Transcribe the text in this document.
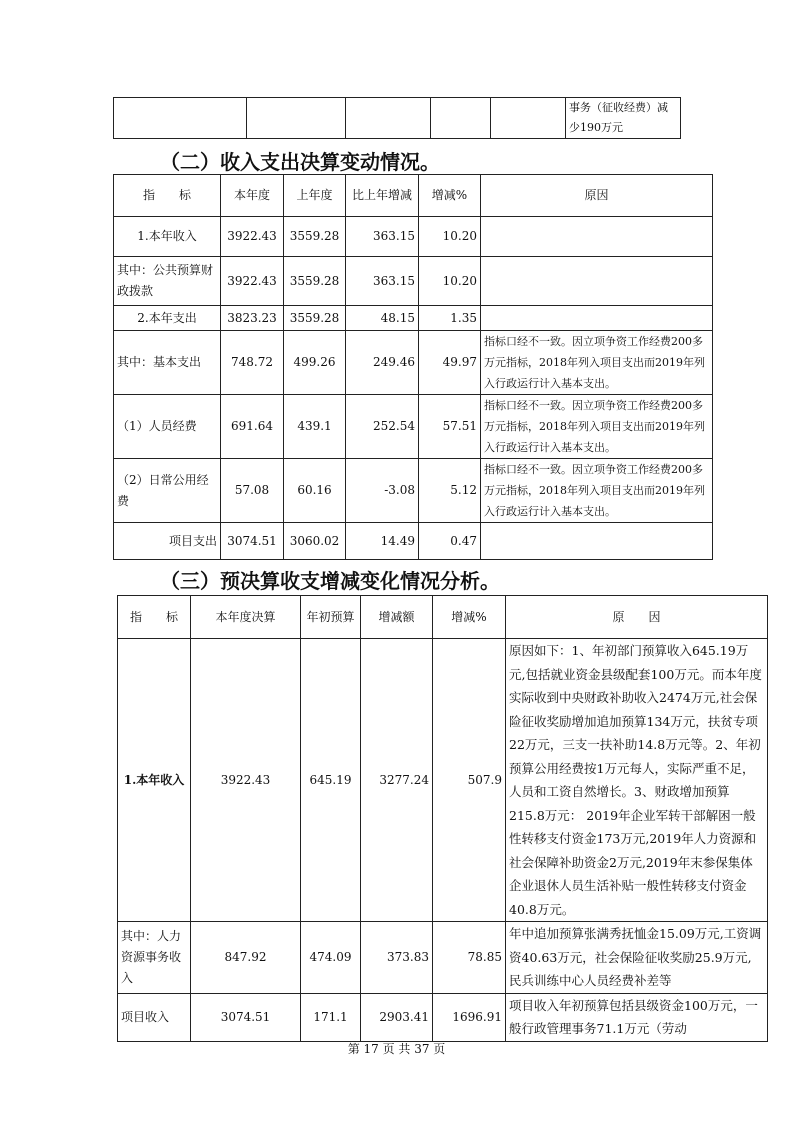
					事务（征收经费）减少190万元
（二）收入支出决算变动情况。
指　　标	本年度	上年度	比上年增减	增减%	原因
1.本年收入	3922.43	3559.28	363.15	10.20	
其中：公共预算财政拨款	3922.43	3559.28	363.15	10.20	
2.本年支出	3823.23	3559.28	48.15	1.35	
其中：基本支出	748.72	499.26	249.46	49.97	指标口经不一致。因立项争资工作经费200多万元指标，2018年列入项目支出而2019年列入行政运行计入基本支出。
（1）人员经费	691.64	439.1	252.54	57.51	指标口经不一致。因立项争资工作经费200多万元指标，2018年列入项目支出而2019年列入行政运行计入基本支出。
（2）日常公用经费	57.08	60.16	-3.08	5.12	指标口经不一致。因立项争资工作经费200多万元指标，2018年列入项目支出而2019年列入行政运行计入基本支出。
项目支出	3074.51	3060.02	14.49	0.47	
（三）预决算收支增减变化情况分析。
指　　标	本年度决算	年初预算	增减额	增减%	原　　因
1.本年收入	3922.43	645.19	3277.24	507.9	原因如下：1、年初部门预算收入645.19万元,包括就业资金县级配套100万元。而本年度实际收到中央财政补助收入2474万元,社会保险征收奖励增加追加预算134万元，扶贫专项22万元，三支一扶补助14.8万元等。2、年初预算公用经费按1万元每人，实际严重不足，人员和工资自然增长。3、财政增加预算215.8万元： 2019年企业军转干部解困一般性转移支付资金173万元,2019年人力资源和社会保障补助资金2万元,2019年末参保集体企业退休人员生活补贴一般性转移支付资金40.8万元。
其中：人力资源事务收入	847.92	474.09	373.83	78.85	年中追加预算张满秀抚恤金15.09万元,工资调资40.63万元，社会保险征收奖励25.9万元,民兵训练中心人员经费补差等
项目收入	3074.51	171.1	2903.41	1696.91	项目收入年初预算包括县级资金100万元，一般行政管理事务71.1万元（劳动
第 17 页 共 37 页
